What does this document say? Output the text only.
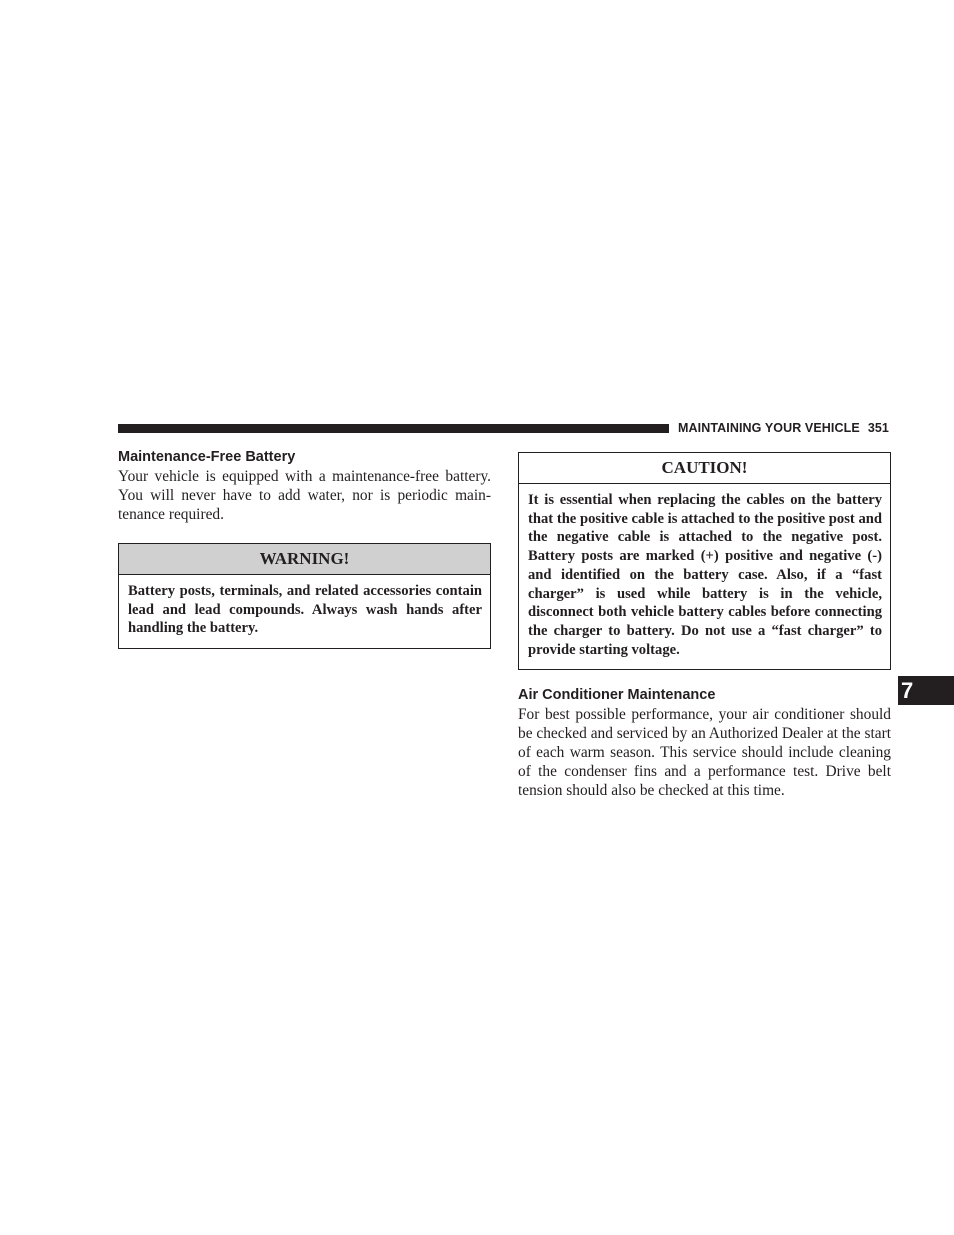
MAINTAINING YOUR VEHICLE 351
Maintenance-Free Battery

Your vehicle is equipped with a maintenance-free battery. You will never have to add water, nor is periodic maintenance required.

WARNING!

Battery posts, terminals, and related accessories contain lead and lead compounds. Always wash hands after handling the battery.

CAUTION!

It is essential when replacing the cables on the battery that the positive cable is attached to the positive post and the negative cable is attached to the negative post. Battery posts are marked (+) positive and negative (-) and identified on the battery case. Also, if a “fast charger” is used while battery is in the vehicle, disconnect both vehicle battery cables before connecting the charger to battery. Do not use a “fast charger” to provide starting voltage.

Air Conditioner Maintenance

For best possible performance, your air conditioner should be checked and serviced by an Authorized Dealer at the start of each warm season. This service should include cleaning of the condenser fins and a performance test. Drive belt tension should also be checked at this time.

7
